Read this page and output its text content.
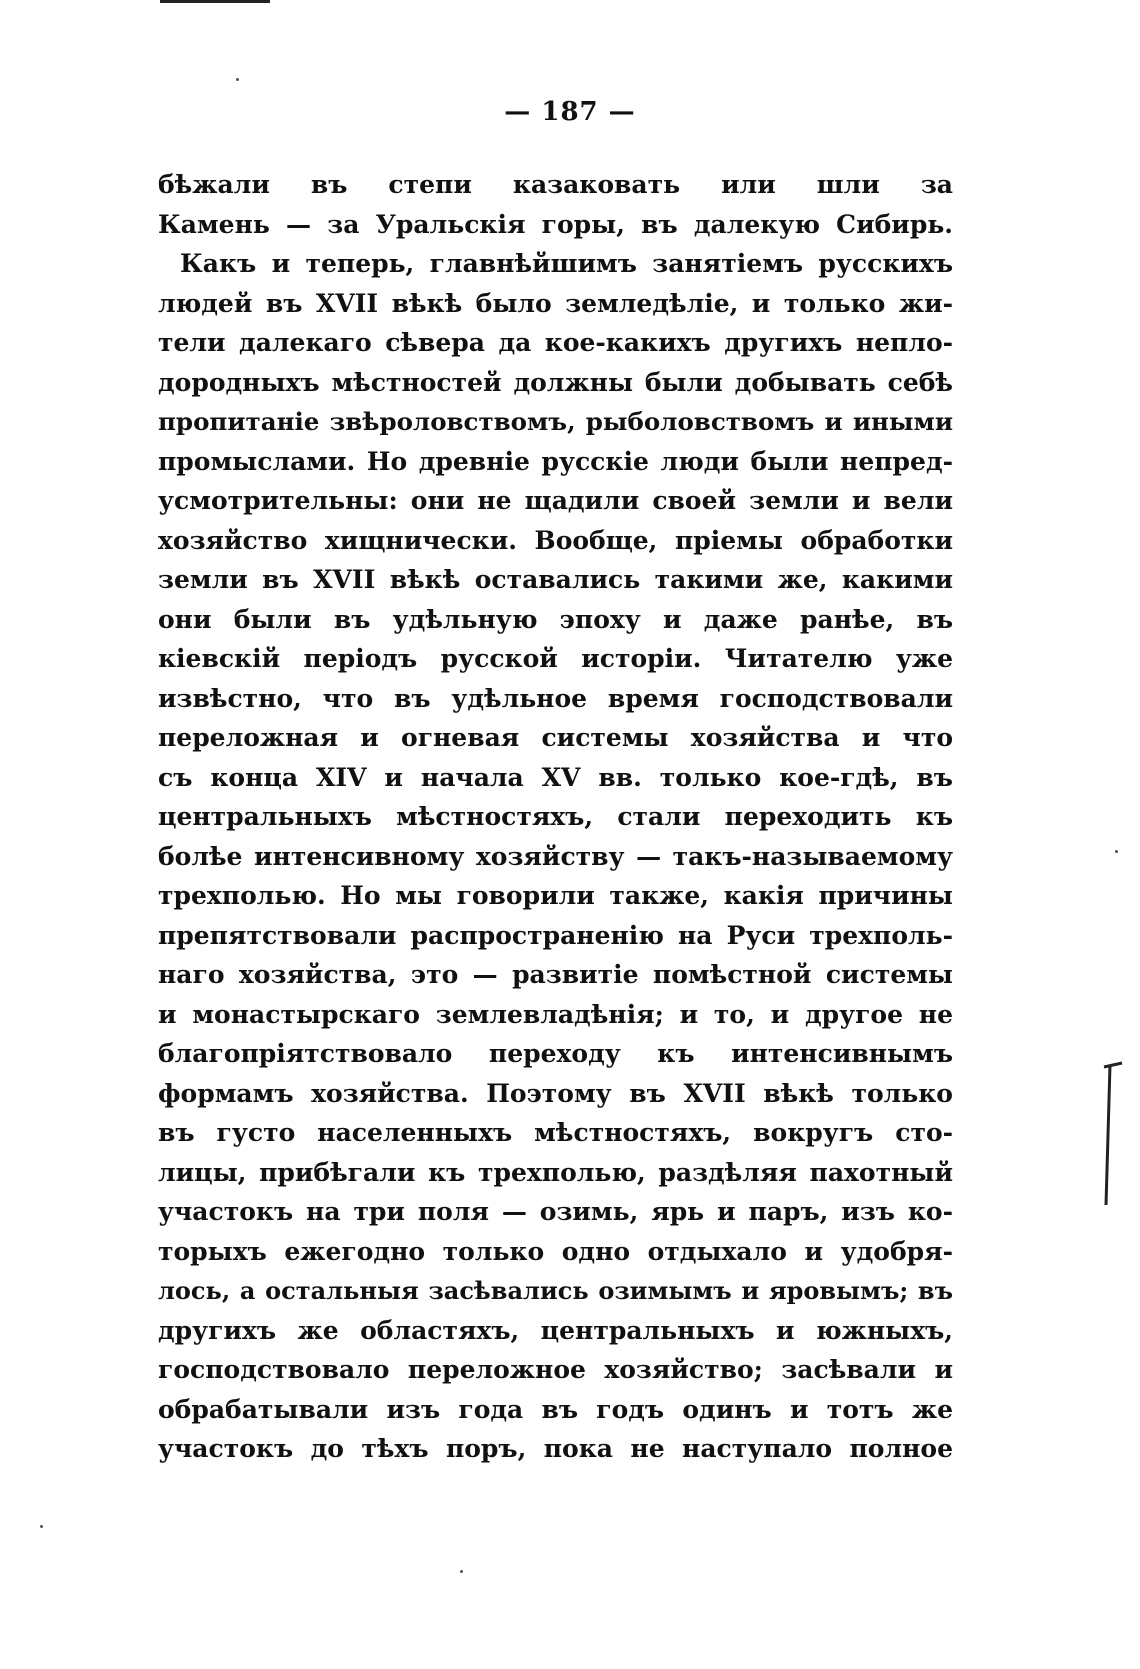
— 187 —
бѣжали въ степи казаковать или шли за
Камень — за Уральскія горы, въ далекую Сибирь.
Какъ и теперь, главнѣйшимъ занятіемъ русскихъ
людей въ XVII вѣкѣ было земледѣліе, и только жи-
тели далекаго сѣвера да кое-какихъ другихъ неплo-
дородныхъ мѣстностей должны были добывать себѣ
пропитаніе звѣроловствомъ, рыболовствомъ и иными
промыслами. Но древніе русскіе люди были непред-
усмотрительны: они не щадили своей земли и вели
хозяйство хищнически. Вообще, пріемы обработки
земли въ XVII вѣкѣ оставались такими же, какими
они были въ удѣльную эпоху и даже ранѣе, въ
кіевскій періодъ русской исторіи. Читателю уже
извѣстно, что въ удѣльное время господствовали
переложная и огневая системы хозяйства и что
съ конца XIV и начала XV вв. только кое-гдѣ, въ
центральныхъ мѣстностяхъ, стали переходить къ
болѣе интенсивному хозяйству — такъ-называемому
трехполью. Но мы говорили также, какія причины
препятствовали распространенію на Руси трехполь-
наго хозяйства, это — развитіе помѣстной системы
и монастырскаго землевладѣнія; и то, и другое не
благопріятствовало переходу къ интенсивнымъ
формамъ хозяйства. Поэтому въ XVII вѣкѣ только
въ густо населенныхъ мѣстностяхъ, вокругъ сто-
лицы, прибѣгали къ трехполью, раздѣляя пахотный
участокъ на три поля — озимь, ярь и паръ, изъ ко-
торыхъ ежегодно только одно отдыхало и удобря-
лось, а остальныя засѣвались озимымъ и яровымъ; въ
другихъ же областяхъ, центральныхъ и южныхъ,
господствовало переложное хозяйство; засѣвали и
обрабатывали изъ года въ годъ одинъ и тотъ же
участокъ до тѣхъ поръ, пока не наступало полное
